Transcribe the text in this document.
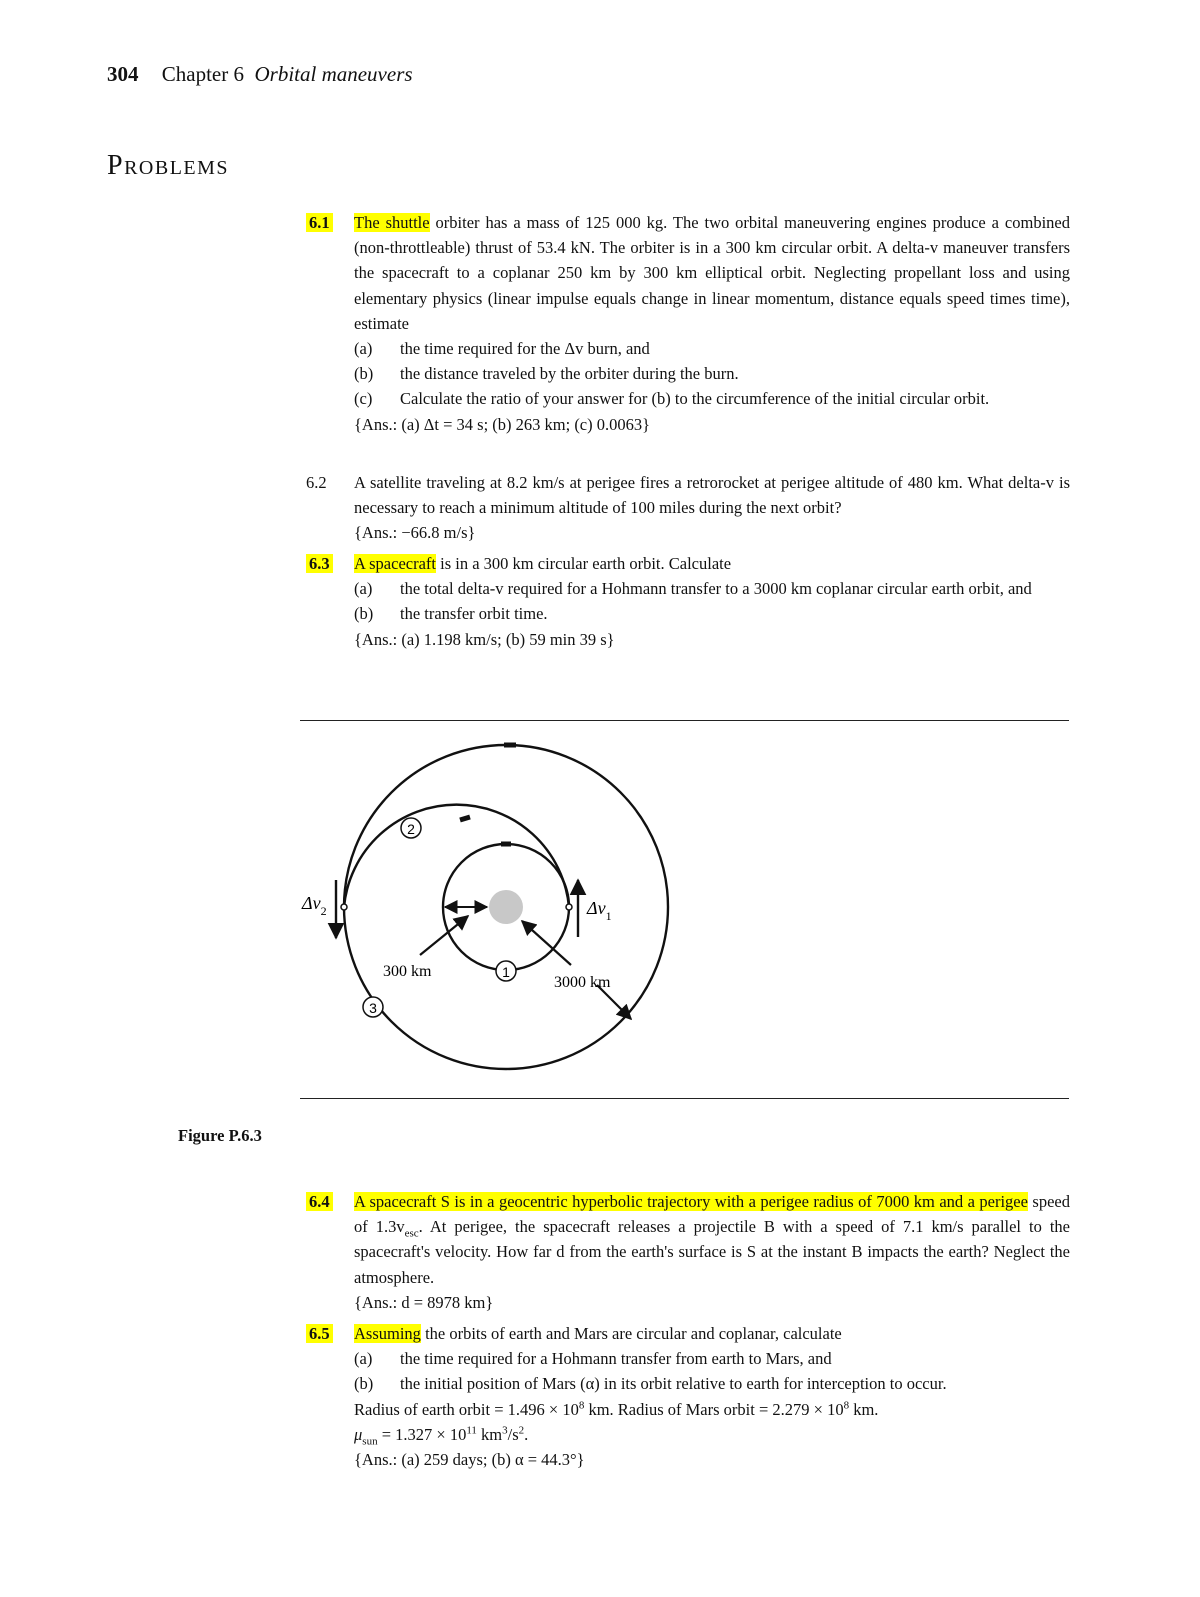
304 Chapter 6 Orbital maneuvers
Problems
6.1	The shuttle orbiter has a mass of 125 000 kg. The two orbital maneuvering engines produce a combined (non-throttleable) thrust of 53.4 kN. The orbiter is in a 300 km circular orbit. A delta-v maneuver transfers the spacecraft to a coplanar 250 km by 300 km elliptical orbit. Neglecting propellant loss and using elementary physics (linear impulse equals change in linear momentum, distance equals speed times time), estimate
(a)	the time required for the Δv burn, and
(b)	the distance traveled by the orbiter during the burn.
(c)	Calculate the ratio of your answer for (b) to the circumference of the initial circular orbit.
{Ans.: (a) Δt = 34 s; (b) 263 km; (c) 0.0063}
6.2	A satellite traveling at 8.2 km/s at perigee fires a retrorocket at perigee altitude of 480 km. What delta-v is necessary to reach a minimum altitude of 100 miles during the next orbit?
{Ans.: −66.8 m/s}
6.3	A spacecraft is in a 300 km circular earth orbit. Calculate
(a)	the total delta-v required for a Hohmann transfer to a 3000 km coplanar circular earth orbit, and
(b)	the transfer orbit time.
{Ans.: (a) 1.198 km/s; (b) 59 min 39 s}
2
1
3
300 km
3000 km
$\Delta v_1$
$\Delta v_2$
Figure P.6.3
6.4	A spacecraft S is in a geocentric hyperbolic trajectory with a perigee radius of 7000 km and a perigee speed of $1.3v_{esc}$. At perigee, the spacecraft releases a projectile B with a speed of 7.1 km/s parallel to the spacecraft's velocity. How far d from the earth's surface is S at the instant B impacts the earth? Neglect the atmosphere.
{Ans.: d = 8978 km}
6.5	Assuming the orbits of earth and Mars are circular and coplanar, calculate
(a)	the time required for a Hohmann transfer from earth to Mars, and
(b)	the initial position of Mars (α) in its orbit relative to earth for interception to occur.
Radius of earth orbit = $1.496 \times 10^8$ km. Radius of Mars orbit = $2.279 \times 10^8$ km.
$\mu_{sun} = 1.327 \times 10^{11}$ $km^3/s^2$.
{Ans.: (a) 259 days; (b) α = 44.3°}
